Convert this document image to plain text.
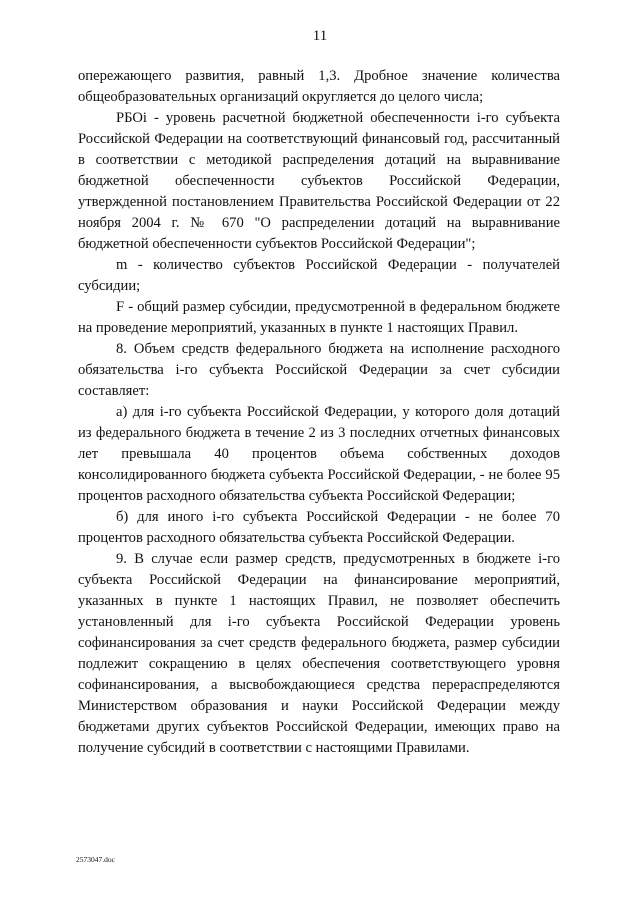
11

опережающего развития, равный 1,3. Дробное значение количества общеобразовательных организаций округляется до целого числа;

РБОi - уровень расчетной бюджетной обеспеченности i-го субъекта Российской Федерации на соответствующий финансовый год, рассчитанный в соответствии с методикой распределения дотаций на выравнивание бюджетной обеспеченности субъектов Российской Федерации, утвержденной постановлением Правительства Российской Федерации от 22 ноября 2004 г. № 670 "О распределении дотаций на выравнивание бюджетной обеспеченности субъектов Российской Федерации";

m - количество субъектов Российской Федерации - получателей субсидии;

F - общий размер субсидии, предусмотренной в федеральном бюджете на проведение мероприятий, указанных в пункте 1 настоящих Правил.

8. Объем средств федерального бюджета на исполнение расходного обязательства i-го субъекта Российской Федерации за счет субсидии составляет:

а) для i-го субъекта Российской Федерации, у которого доля дотаций из федерального бюджета в течение 2 из 3 последних отчетных финансовых лет превышала 40 процентов объема собственных доходов консолидированного бюджета субъекта Российской Федерации, - не более 95 процентов расходного обязательства субъекта Российской Федерации;

б) для иного i-го субъекта Российской Федерации - не более 70 процентов расходного обязательства субъекта Российской Федерации.

9. В случае если размер средств, предусмотренных в бюджете i-го субъекта Российской Федерации на финансирование мероприятий, указанных в пункте 1 настоящих Правил, не позволяет обеспечить установленный для i-го субъекта Российской Федерации уровень софинансирования за счет средств федерального бюджета, размер субсидии подлежит сокращению в целях обеспечения соответствующего уровня софинансирования, а высвобождающиеся средства перераспределяются Министерством образования и науки Российской Федерации между бюджетами других субъектов Российской Федерации, имеющих право на получение субсидий в соответствии с настоящими Правилами.

2573047.doc
